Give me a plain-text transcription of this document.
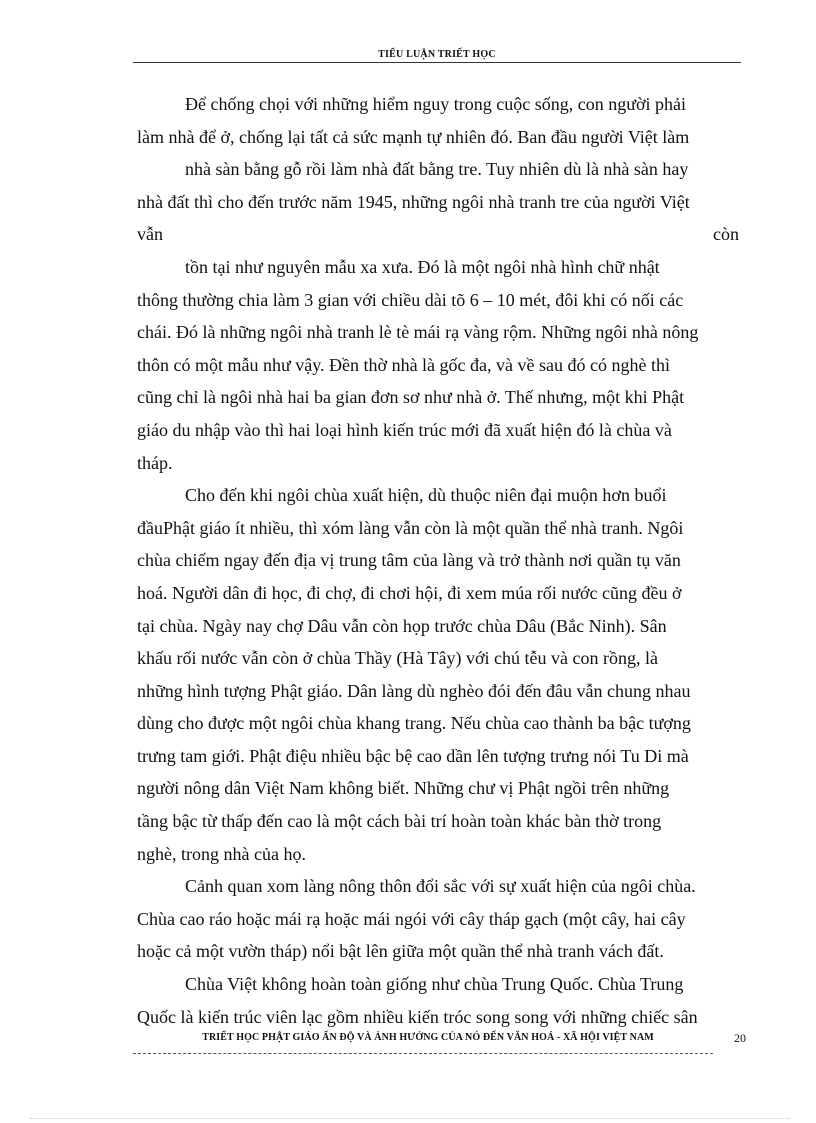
TIỂU LUẬN TRIẾT HỌC

Để chống chọi với những hiểm nguy trong cuộc sống, con người phải
làm nhà để ở, chống lại tất cả sức mạnh tự nhiên đó. Ban đầu người Việt làm
nhà sàn bằng gỗ rồi làm nhà đất bằng tre. Tuy nhiên dù là nhà sàn hay
nhà đất thì cho đến trước năm 1945, những ngôi nhà tranh tre của người Việt
vẫn	còn
tồn tại như nguyên mẫu xa xưa. Đó là một ngôi nhà hình chữ nhật
thông thường chia làm 3 gian với chiều dài tõ 6 – 10 mét, đôi khi có nối các
chái. Đó là những ngôi nhà tranh lè tè mái rạ vàng rộm. Những ngôi nhà nông
thôn có một mẫu như vậy. Đền thờ nhà là gốc đa, và về sau đó có nghè thì
cũng chỉ là ngôi nhà hai ba gian đơn sơ như nhà ở. Thế nhưng, một khi Phật
giáo du nhập vào thì hai loại hình kiến trúc mới đã xuất hiện đó là chùa và
tháp.

Cho đến khi ngôi chùa xuất hiện, dù thuộc niên đại muộn hơn buổi
đầuPhật giáo ít nhiều, thì xóm làng vẫn còn là một quần thể nhà tranh. Ngôi
chùa chiếm ngay đến địa vị trung tâm của làng và trở thành nơi quần tụ văn
hoá. Người dân đi học, đi chợ, đi chơi hội, đi xem múa rối nước cũng đều ở
tại chùa. Ngày nay chợ Dâu vẫn còn họp trước chùa Dâu (Bắc Ninh). Sân
khấu rối nước vẫn còn ở chùa Thầy (Hà Tây) với chú tễu và con rồng, là
những hình tượng Phật giáo. Dân làng dù nghèo đói đến đâu vẫn chung nhau
dùng cho được một ngôi chùa khang trang. Nếu chùa cao thành ba bậc tượng
trưng tam giới. Phật điệu nhiều bậc bệ cao dần lên tượng trưng nói Tu Di mà
người nông dân Việt Nam không biết. Những chư vị Phật ngồi trên những
tầng bậc từ thấp đến cao là một cách bài trí hoàn toàn khác bàn thờ trong
nghè, trong nhà của họ.

Cảnh quan xom làng nông thôn đổi sắc với sự xuất hiện của ngôi chùa.
Chùa cao ráo hoặc mái rạ hoặc mái ngói với cây tháp gạch (một cây, hai cây
hoặc cả một vườn tháp) nổi bật lên giữa một quần thể nhà tranh vách đất.

Chùa Việt không hoàn toàn giống như chùa Trung Quốc. Chùa Trung
Quốc là kiến trúc viên lạc gồm nhiều kiến tróc song song với những chiếc sân

TRIẾT HỌC PHẬT GIÁO ẤN ĐỘ VÀ ẢNH HƯỞNG CỦA NÓ ĐẾN VĂN HOÁ - XÃ HỘI VIỆT NAM	20
